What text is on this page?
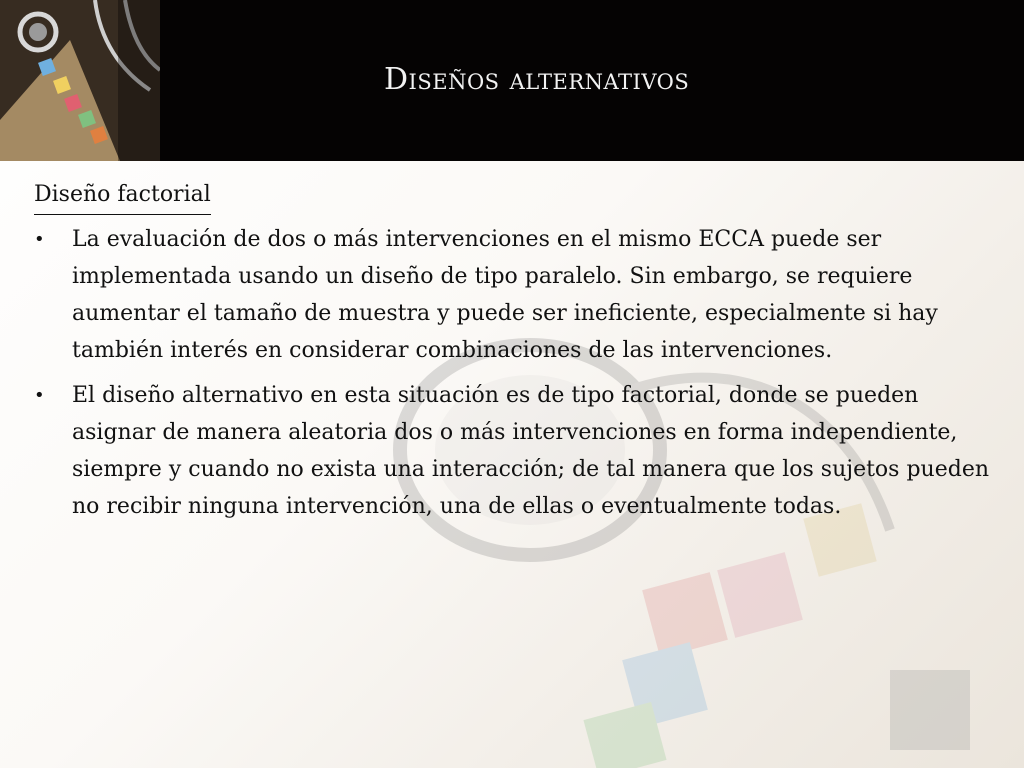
Diseños alternativos
Diseño factorial
•	La evaluación de dos o más intervenciones en el mismo ECCA puede ser implementada usando un diseño de tipo paralelo. Sin embargo, se requiere aumentar el tamaño de muestra y puede ser ineficiente, especialmente si hay también interés en considerar combinaciones de las intervenciones.
•	El diseño alternativo en esta situación es de tipo factorial, donde se pueden asignar de manera aleatoria dos o más intervenciones en forma independiente, siempre y cuando no exista una interacción; de tal manera que los sujetos pueden no recibir ninguna intervención, una de ellas o eventualmente todas.
